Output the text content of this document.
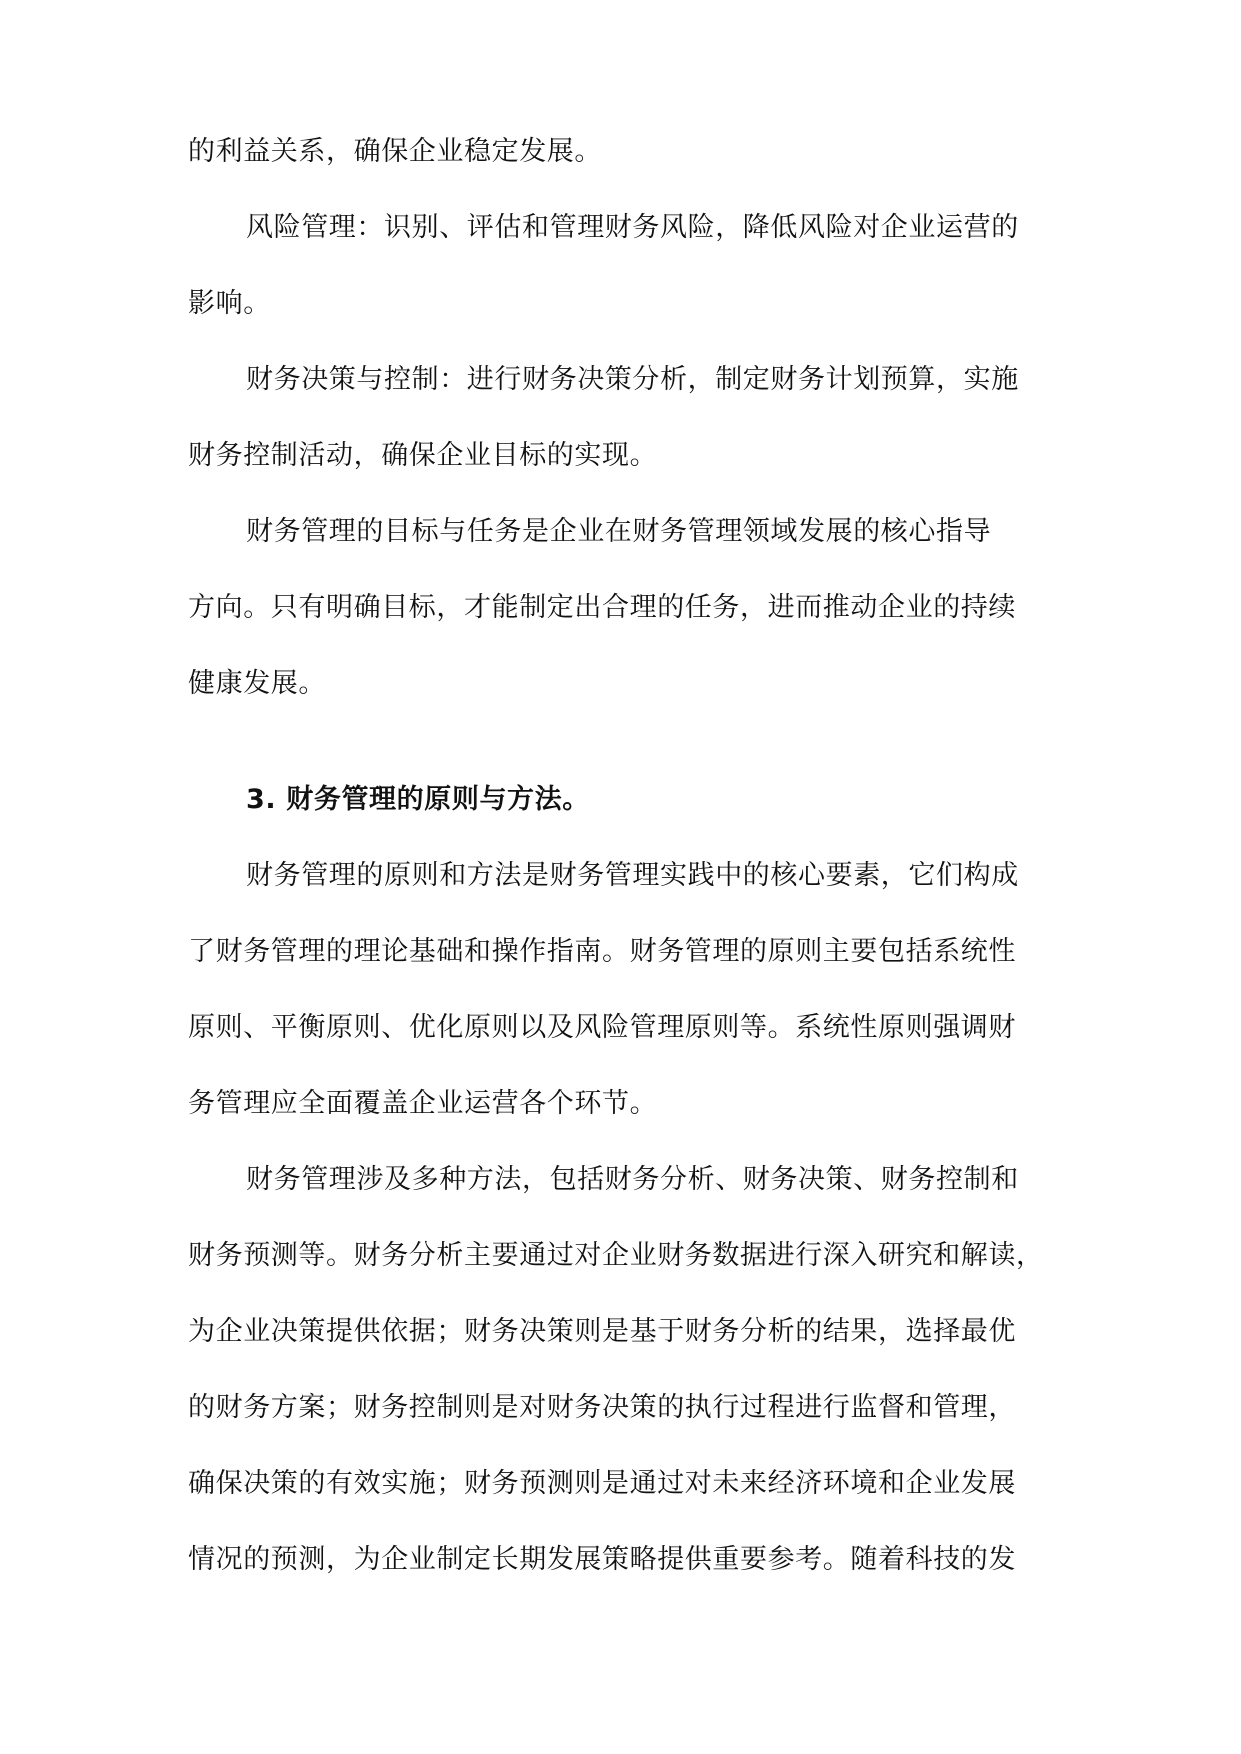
的利益关系，确保企业稳定发展。
风险管理：识别、评估和管理财务风险，降低风险对企业运营的
影响。
财务决策与控制：进行财务决策分析，制定财务计划预算，实施
财务控制活动，确保企业目标的实现。
财务管理的目标与任务是企业在财务管理领域发展的核心指导
方向。只有明确目标，才能制定出合理的任务，进而推动企业的持续
健康发展。
3. 财务管理的原则与方法。
财务管理的原则和方法是财务管理实践中的核心要素，它们构成
了财务管理的理论基础和操作指南。财务管理的原则主要包括系统性
原则、平衡原则、优化原则以及风险管理原则等。系统性原则强调财
务管理应全面覆盖企业运营各个环节。
财务管理涉及多种方法，包括财务分析、财务决策、财务控制和
财务预测等。财务分析主要通过对企业财务数据进行深入研究和解读，
为企业决策提供依据；财务决策则是基于财务分析的结果，选择最优
的财务方案；财务控制则是对财务决策的执行过程进行监督和管理，
确保决策的有效实施；财务预测则是通过对未来经济环境和企业发展
情况的预测，为企业制定长期发展策略提供重要参考。随着科技的发
